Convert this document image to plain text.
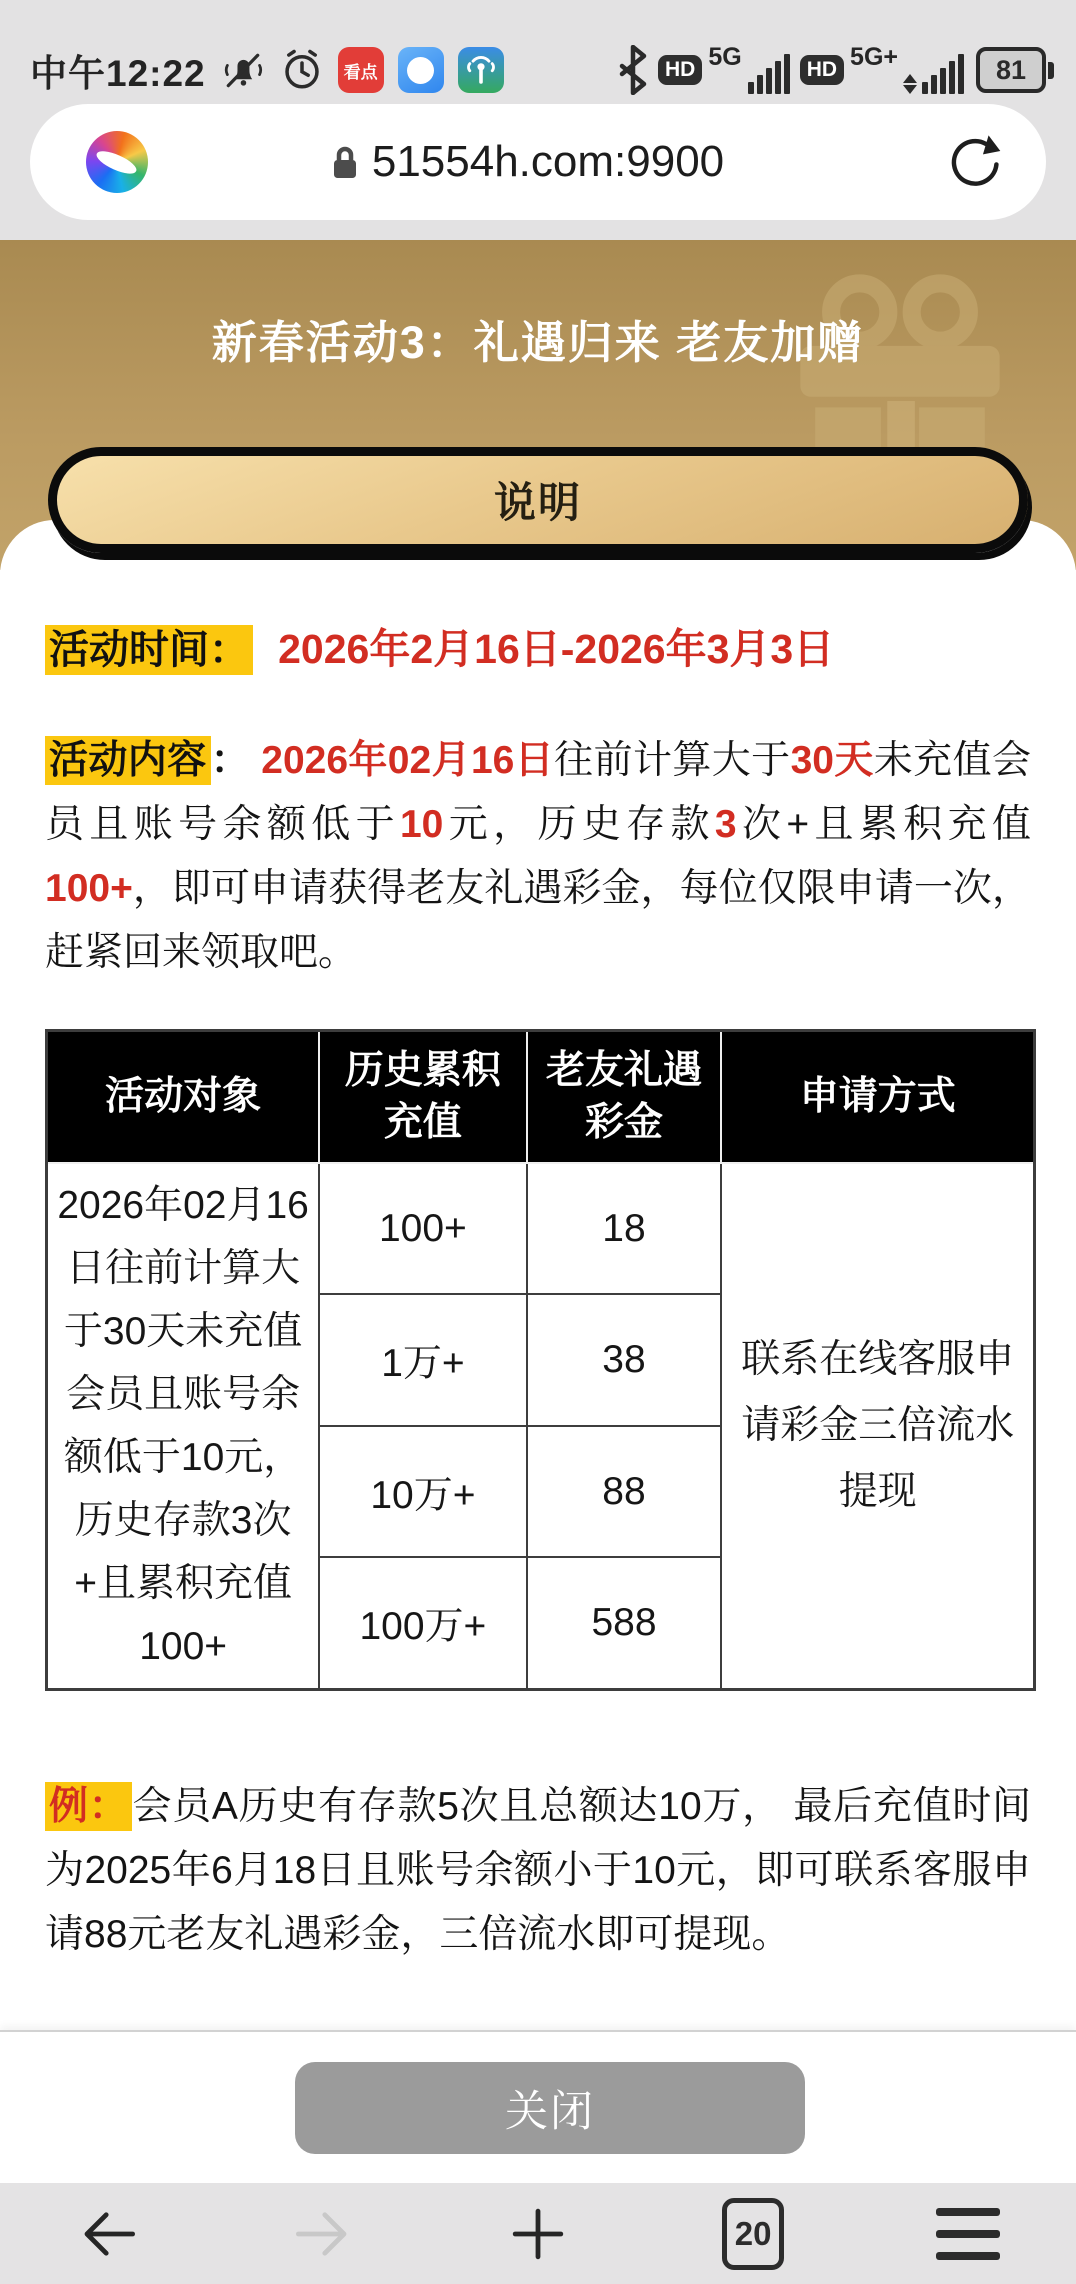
中午12:22	看点	HD 5G	HD 5G+	81
51554h.com:9900
新春活动3：礼遇归来 老友加赠
说明
活动时间： 2026年2月16日-2026年3月3日
活动内容 ： 2026年02月16日往前计算大于30天未充值会员且账号余额低于10元，历史存款3次+且累积充值100+，即可申请获得老友礼遇彩金，每位仅限申请一次，赶紧回来领取吧。
活动对象	历史累积充值	老友礼遇彩金	申请方式
2026年02月16日往前计算大于30天未充值会员且账号余额低于10元，历史存款3次+且累积充值100+	100+	18	联系在线客服申请彩金三倍流水提现
	1万+	38	
	10万+	88	
	100万+	588	
例： 会员A历史有存款5次且总额达10万， 最后充值时间为2025年6月18日且账号余额小于10元，即可联系客服申请88元老友礼遇彩金，三倍流水即可提现。
关闭
20
